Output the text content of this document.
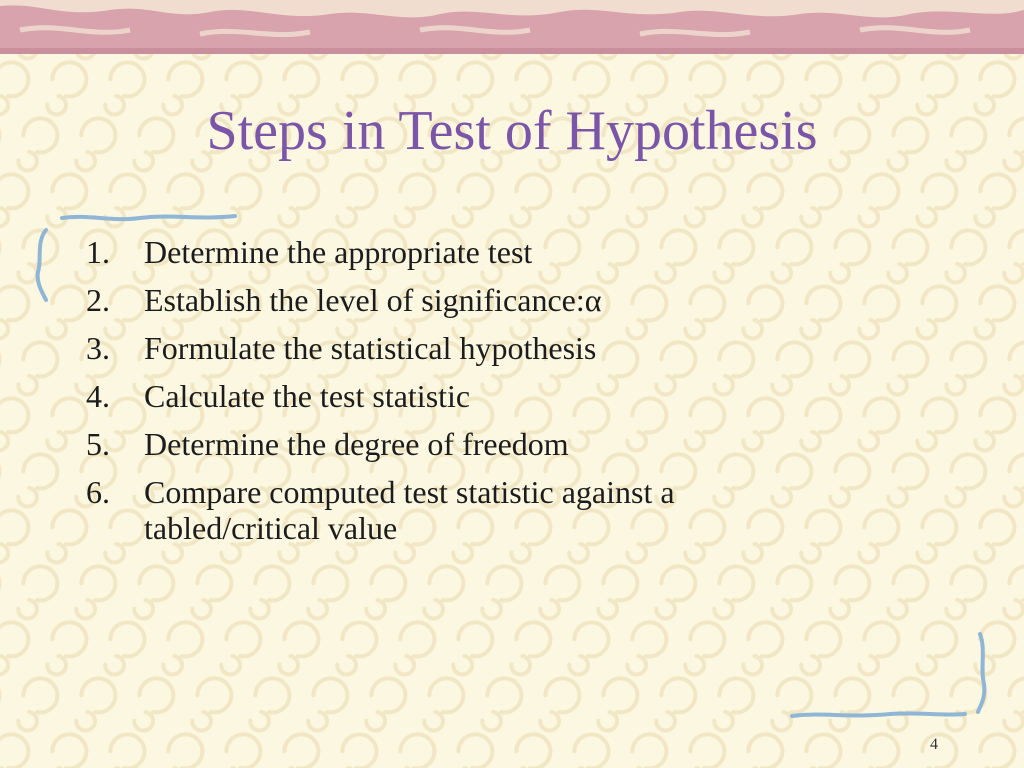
Steps in Test of Hypothesis
1.	Determine the appropriate test
2.	Establish the level of significance:α
3.	Formulate the statistical hypothesis
4.	Calculate the test statistic
5.	Determine the degree of freedom
6.	Compare computed test statistic against a tabled/critical value
4
